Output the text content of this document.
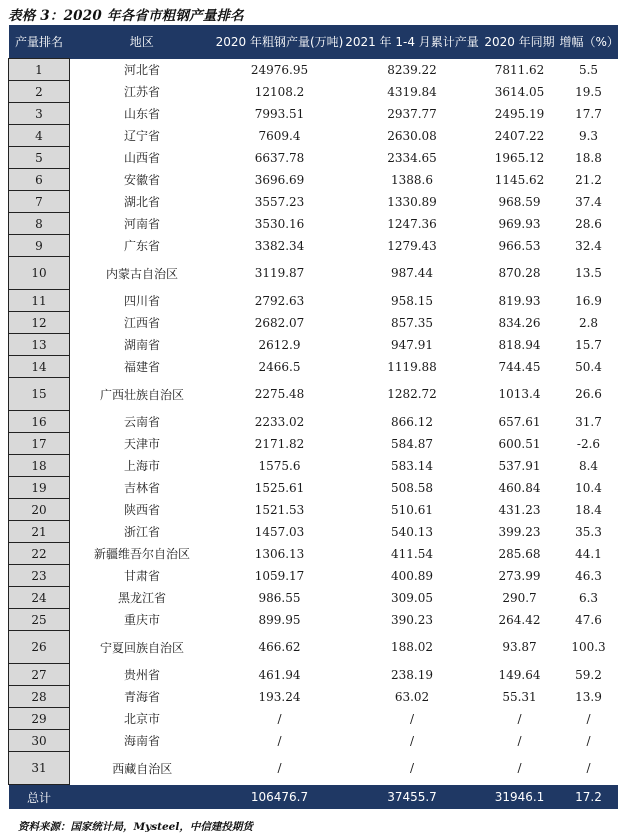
表格 3：2020 年各省市粗钢产量排名
产量排名	地区	2020 年粗钢产量(万吨)	2021 年 1-4 月累计产量	2020 年同期	增幅（%）
1	河北省	24976.95	8239.22	7811.62	5.5
2	江苏省	12108.2	4319.84	3614.05	19.5
3	山东省	7993.51	2937.77	2495.19	17.7
4	辽宁省	7609.4	2630.08	2407.22	9.3
5	山西省	6637.78	2334.65	1965.12	18.8
6	安徽省	3696.69	1388.6	1145.62	21.2
7	湖北省	3557.23	1330.89	968.59	37.4
8	河南省	3530.16	1247.36	969.93	28.6
9	广东省	3382.34	1279.43	966.53	32.4
10	内蒙古自治区	3119.87	987.44	870.28	13.5
11	四川省	2792.63	958.15	819.93	16.9
12	江西省	2682.07	857.35	834.26	2.8
13	湖南省	2612.9	947.91	818.94	15.7
14	福建省	2466.5	1119.88	744.45	50.4
15	广西壮族自治区	2275.48	1282.72	1013.4	26.6
16	云南省	2233.02	866.12	657.61	31.7
17	天津市	2171.82	584.87	600.51	-2.6
18	上海市	1575.6	583.14	537.91	8.4
19	吉林省	1525.61	508.58	460.84	10.4
20	陕西省	1521.53	510.61	431.23	18.4
21	浙江省	1457.03	540.13	399.23	35.3
22	新疆维吾尔自治区	1306.13	411.54	285.68	44.1
23	甘肃省	1059.17	400.89	273.99	46.3
24	黑龙江省	986.55	309.05	290.7	6.3
25	重庆市	899.95	390.23	264.42	47.6
26	宁夏回族自治区	466.62	188.02	93.87	100.3
27	贵州省	461.94	238.19	149.64	59.2
28	青海省	193.24	63.02	55.31	13.9
29	北京市	/	/	/	/
30	海南省	/	/	/	/
31	西藏自治区	/	/	/	/
总计		106476.7	37455.7	31946.1	17.2
资料来源：国家统计局，Mysteel，中信建投期货
